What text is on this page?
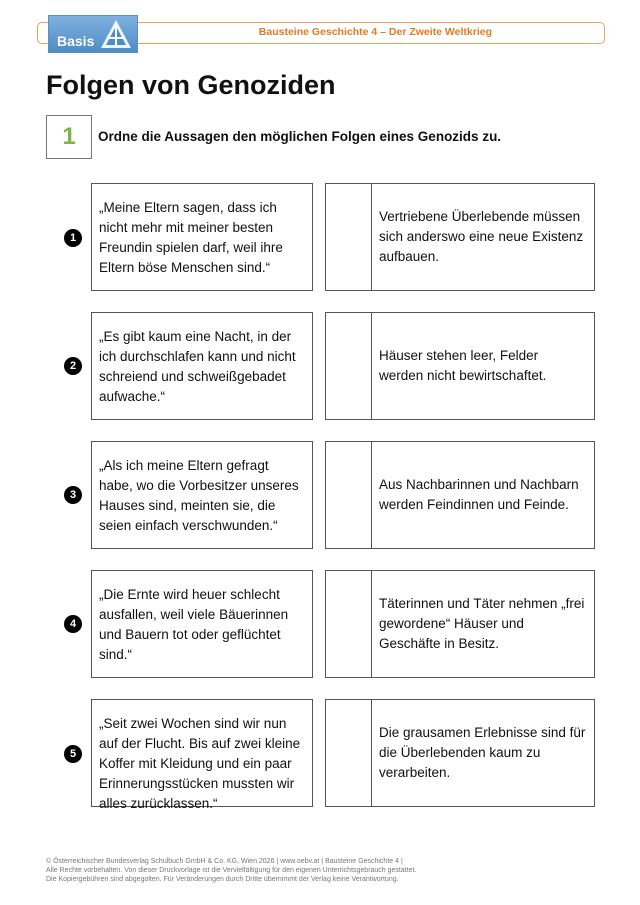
Bausteine Geschichte 4 – Der Zweite Weltkrieg
Basis
Folgen von Genoziden
1	Ordne die Aussagen den möglichen Folgen eines Genozids zu.
1
„Meine Eltern sagen, dass ich nicht mehr mit meiner besten Freundin spielen darf, weil ihre Eltern böse Menschen sind.“
Vertriebene Überlebende müssen sich anderswo eine neue Existenz aufbauen.
2
„Es gibt kaum eine Nacht, in der ich durchschlafen kann und nicht schreiend und schweißgebadet aufwache.“
Häuser stehen leer, Felder werden nicht bewirtschaftet.
3
„Als ich meine Eltern gefragt habe, wo die Vorbesitzer unseres Hauses sind, meinten sie, die seien einfach verschwunden.“
Aus Nachbarinnen und Nachbarn werden Feindinnen und Feinde.
4
„Die Ernte wird heuer schlecht ausfallen, weil viele Bäuerinnen und Bauern tot oder geflüchtet sind.“
Täterinnen und Täter nehmen „frei gewordene“ Häuser und Geschäfte in Besitz.
5
„Seit zwei Wochen sind wir nun auf der Flucht. Bis auf zwei kleine Koffer mit Kleidung und ein paar Erinnerungsstücken mussten wir alles zurücklassen.“
Die grausamen Erlebnisse sind für die Überlebenden kaum zu verarbeiten.
© Österreichischer Bundesverlag Schulbuch GmbH & Co. KG, Wien 2026 | www.oebv.at | Bausteine Geschichte 4 |
Alle Rechte vorbehalten. Von dieser Druckvorlage ist die Vervielfältigung für den eigenen Unterrichtsgebrauch gestattet.
Die Kopiergebühren sind abgegolten. Für Veränderungen durch Dritte übernimmt der Verlag keine Verantwortung.
